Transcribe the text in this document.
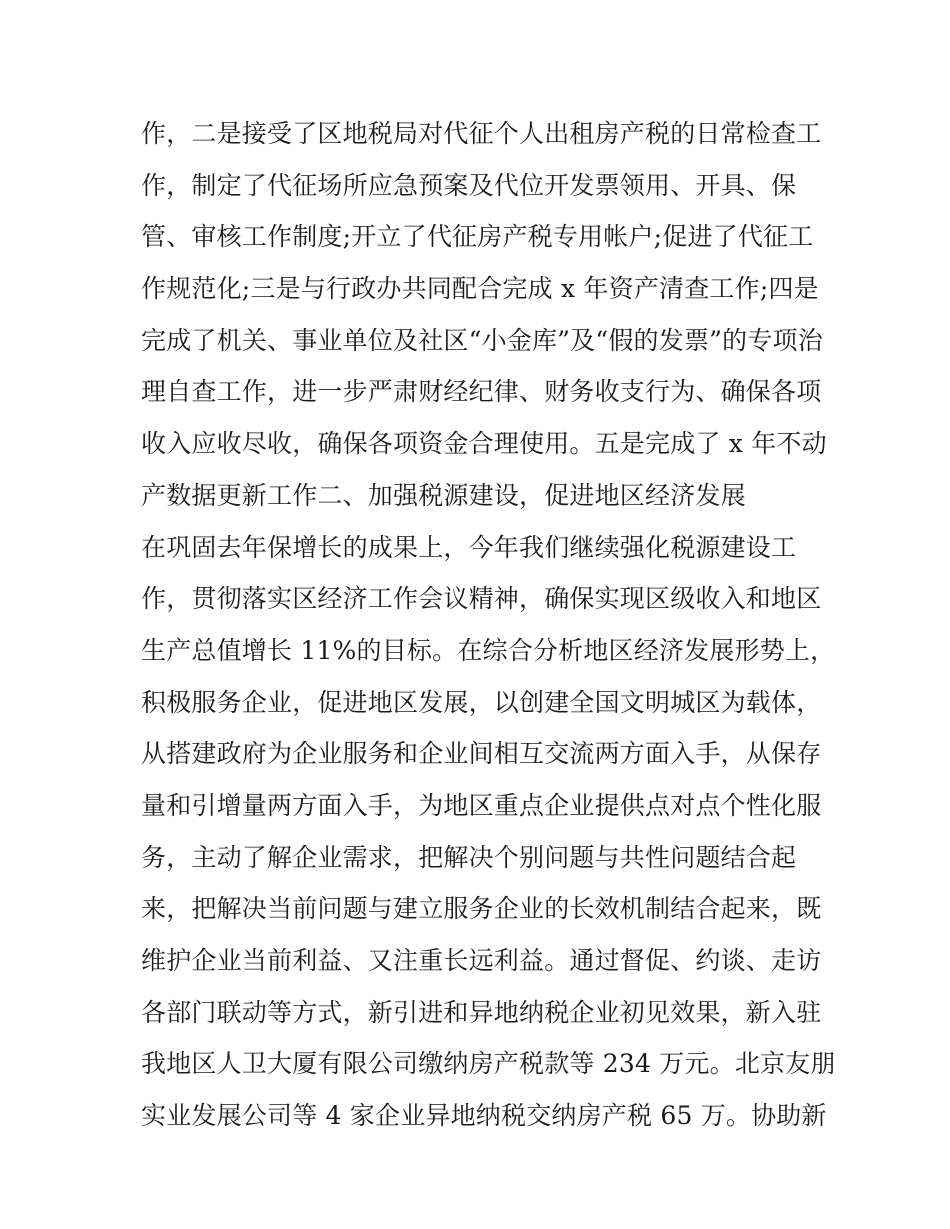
作，二是接受了区地税局对代征个人出租房产税的日常检查工
作，制定了代征场所应急预案及代位开发票领用、开具、保
管、审核工作制度;开立了代征房产税专用帐户;促进了代征工
作规范化;三是与行政办共同配合完成 x 年资产清查工作;四是
完成了机关、事业单位及社区“小金库”及“假的发票”的专项治
理自查工作，进一步严肃财经纪律、财务收支行为、确保各项
收入应收尽收，确保各项资金合理使用。五是完成了 x 年不动
产数据更新工作二、加强税源建设，促进地区经济发展
在巩固去年保增长的成果上，今年我们继续强化税源建设工
作，贯彻落实区经济工作会议精神，确保实现区级收入和地区
生产总值增长 11%的目标。在综合分析地区经济发展形势上，
积极服务企业，促进地区发展，以创建全国文明城区为载体，
从搭建政府为企业服务和企业间相互交流两方面入手，从保存
量和引增量两方面入手，为地区重点企业提供点对点个性化服
务，主动了解企业需求，把解决个别问题与共性问题结合起
来，把解决当前问题与建立服务企业的长效机制结合起来，既
维护企业当前利益、又注重长远利益。通过督促、约谈、走访
各部门联动等方式，新引进和异地纳税企业初见效果，新入驻
我地区人卫大厦有限公司缴纳房产税款等 234 万元。北京友朋
实业发展公司等 4 家企业异地纳税交纳房产税 65 万。协助新
